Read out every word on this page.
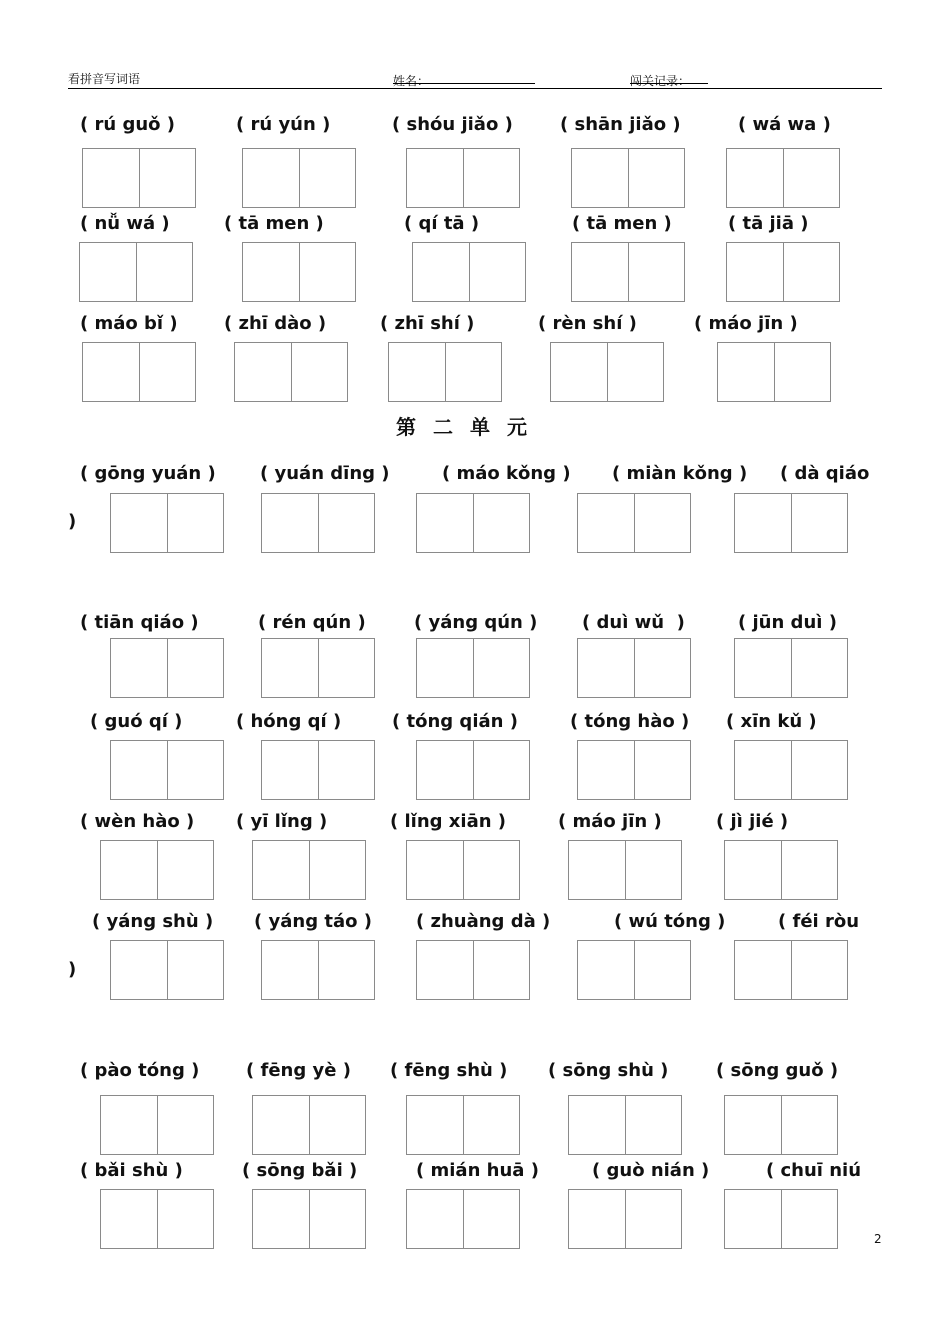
看拼音写词语	姓名：	闯关记录：
第二单元
( rú guǒ )	( rú yún )	( shóu jiǎo )	( shān jiǎo )	( wá wa )
( nǚ wá )	( tā men )	( qí tā )	( tā men )	( tā jiā )
( máo bǐ )	( zhī dào )	( zhī shí )	( rèn shí )	( máo jīn )
( gōng yuán ) ( yuán dīng )	( máo kǒng ) ( miàn kǒng ) ( dà qiáo
( tiān qiáo )	( rén qún )	( yáng qún ) ( duì wǔ  )	( jūn duì )
( guó qí )	( hóng qí )	( tóng qián )	( tóng hào ) ( xīn kǔ )
( wèn hào ) ( yī lǐng )	( lǐng xiān )	( máo jīn )	( jì jié )
( yáng shù ) ( yáng táo ) ( zhuàng dà )	( wú tóng )	( féi ròu
( pào tóng )	( fēng yè ) ( fēng shù ) ( sōng shù )	( sōng guǒ )
( bǎi shù )	( sōng bǎi )	( mián huā )	( guò nián )	( chuī niú
)
)
2
